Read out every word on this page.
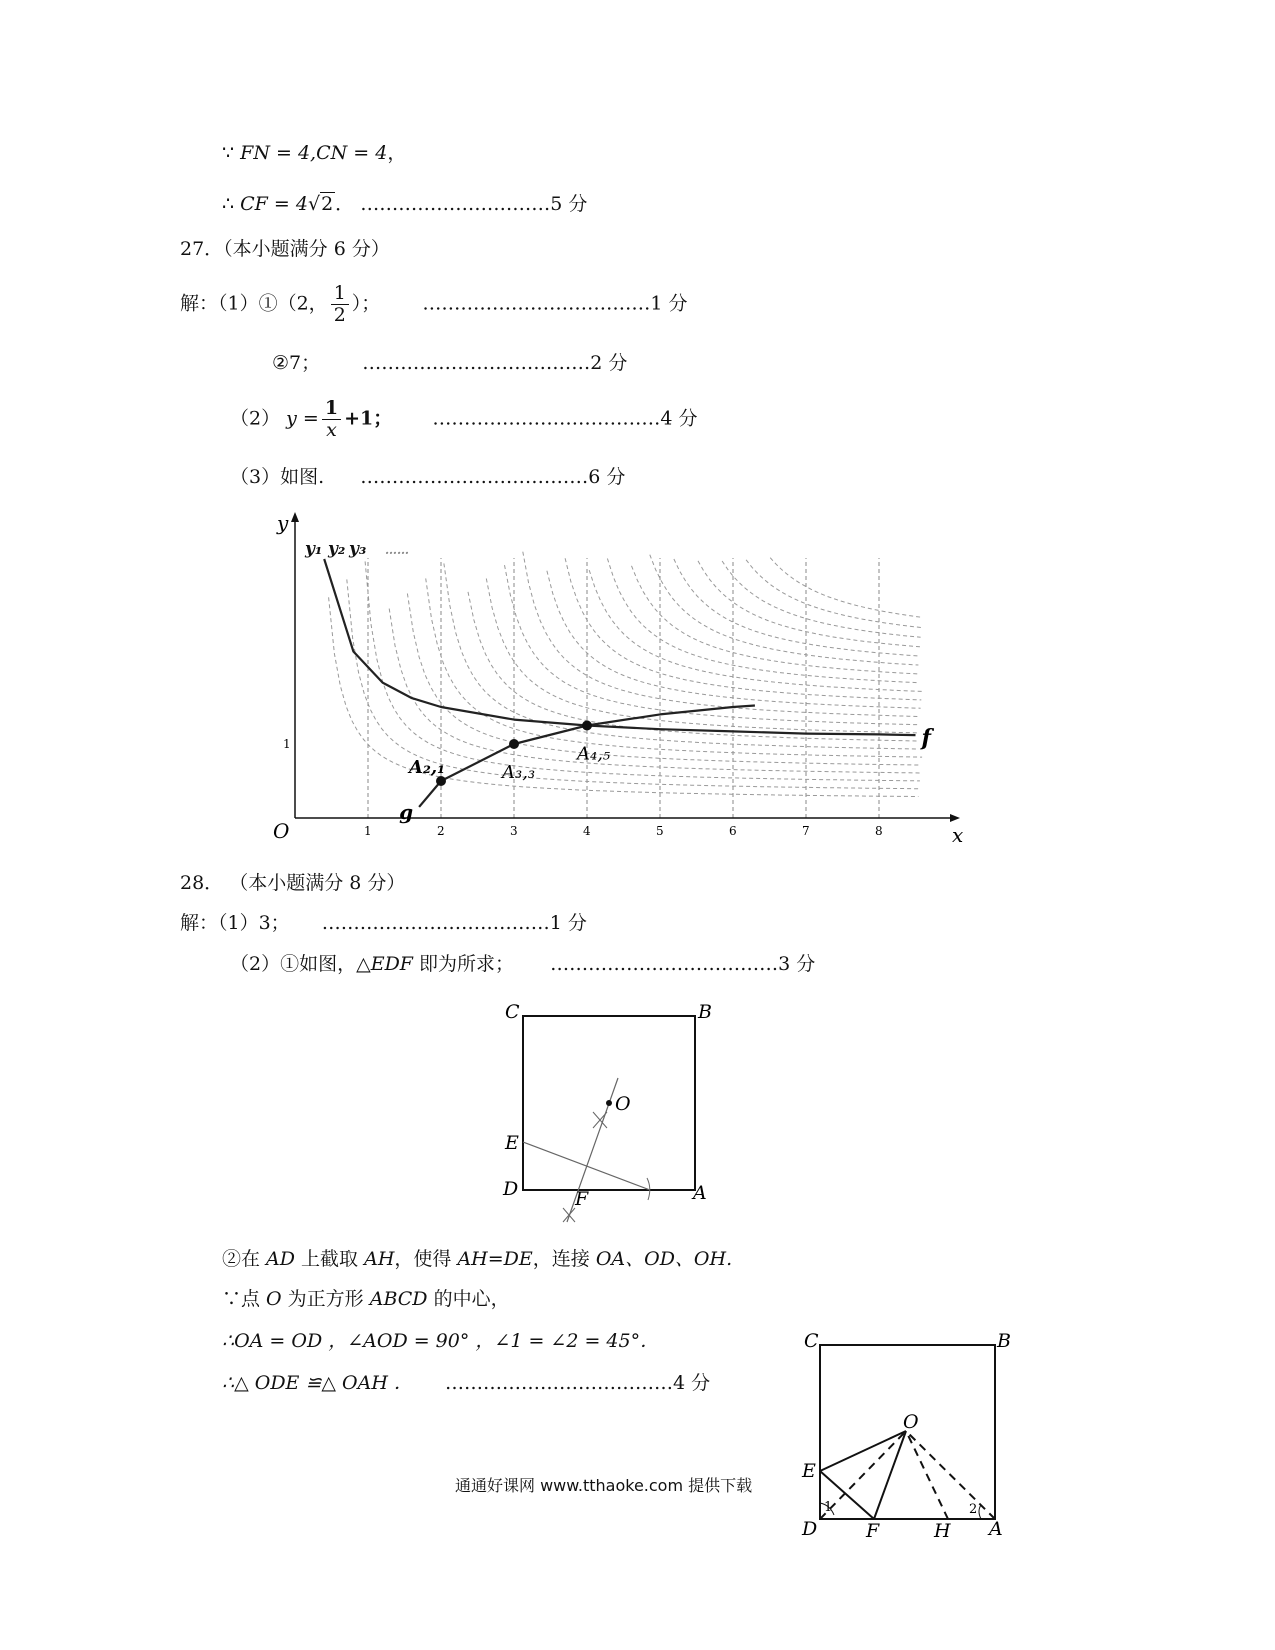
∵ FN = 4,CN = 4，
∴ CF = 4√2 ． …………………………5 分
27．（本小题满分 6 分）
解：（1）①（2， $\frac{1}{2}$ ）； ………………………………1 分
②7； ………………………………2 分
（2） $y = \frac{1}{x} +1$； ………………………………4 分
（3）如图. ………………………………6 分
1	2	3	4	5	6	7	8
1
O	x
y
y₁ y₂ y₃ ……
f
g
A₂,₁	A₃,₃
A₄,₅
28． （本小题满分 8 分）
解：（1）3； ………………………………1 分
（2）①如图，△EDF 即为所求； ………………………………3 分
C	B
E
D	F	A
O
②在 AD 上截取 AH，使得 AH=DE，连接 OA、OD、OH.
∵点 O 为正方形 ABCD 的中心，
∴OA = OD ，∠AOD = 90° ，∠1 = ∠2 = 45°．
∴△ ODE ≌△ OAH ． ………………………………4 分
C	B
O
E
D	F	H A
1	2
通通好课网 www.tthaoke.com 提供下载
